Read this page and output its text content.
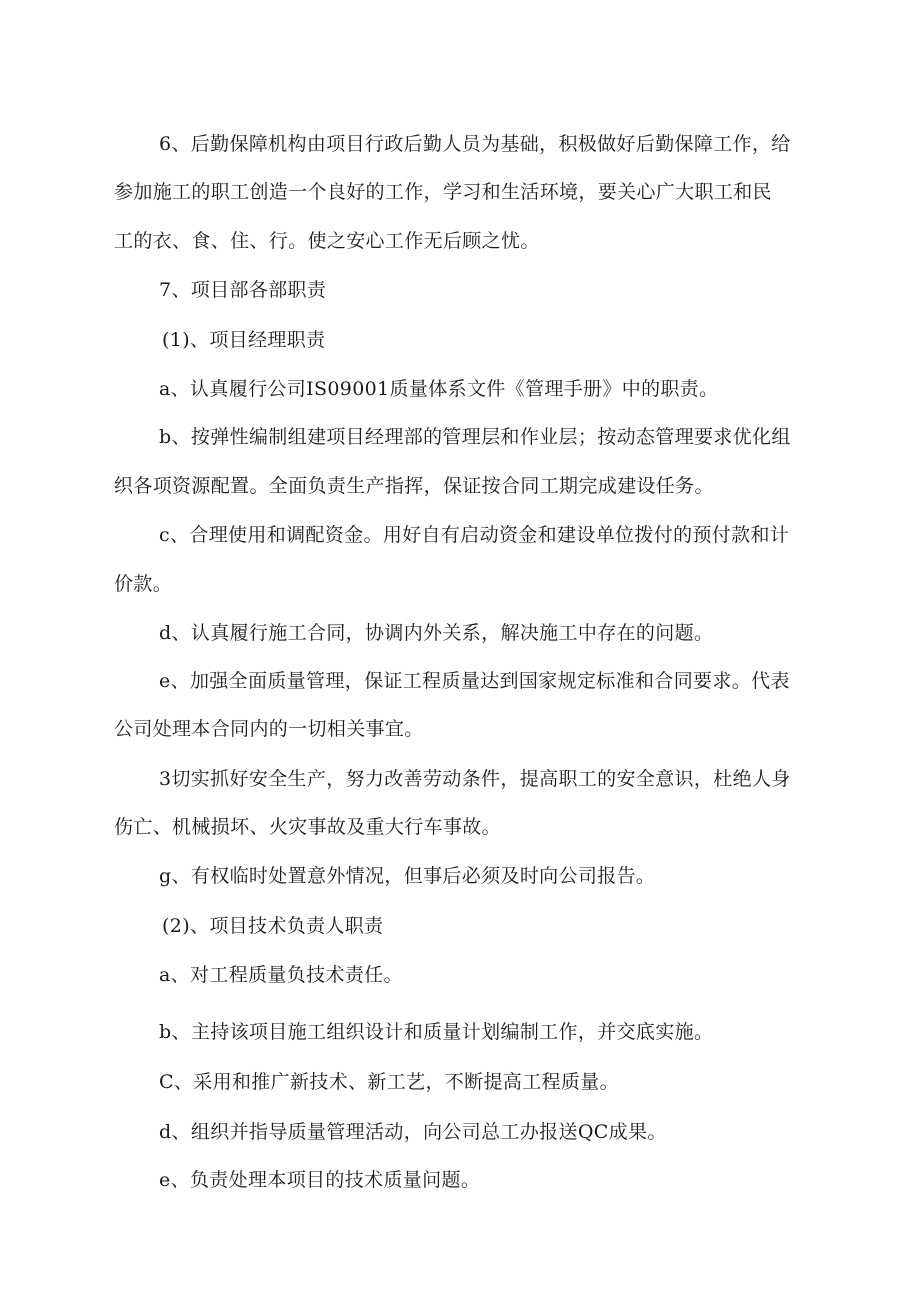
6、后勤保障机构由项目行政后勤人员为基础，积极做好后勤保障工作，给
参加施工的职工创造一个良好的工作，学习和生活环境，要关心广大职工和民
工的衣、食、住、行。使之安心工作无后顾之忧。
7、项目部各部职责
(1)、项目经理职责
a、认真履行公司IS09001质量体系文件《管理手册》中的职责。
b、按弹性编制组建项目经理部的管理层和作业层；按动态管理要求优化组
织各项资源配置。全面负责生产指挥，保证按合同工期完成建设任务。
c、合理使用和调配资金。用好自有启动资金和建设单位拨付的预付款和计
价款。
d、认真履行施工合同，协调内外关系，解决施工中存在的问题。
e、加强全面质量管理，保证工程质量达到国家规定标准和合同要求。代表
公司处理本合同内的一切相关事宜。
3切实抓好安全生产，努力改善劳动条件，提高职工的安全意识，杜绝人身
伤亡、机械损坏、火灾事故及重大行车事故。
g、有权临时处置意外情况，但事后必须及时向公司报告。
(2)、项目技术负责人职责
a、对工程质量负技术责任。
b、主持该项目施工组织设计和质量计划编制工作，并交底实施。
C、采用和推广新技术、新工艺，不断提高工程质量。
d、组织并指导质量管理活动，向公司总工办报送QC成果。
e、负责处理本项目的技术质量问题。
